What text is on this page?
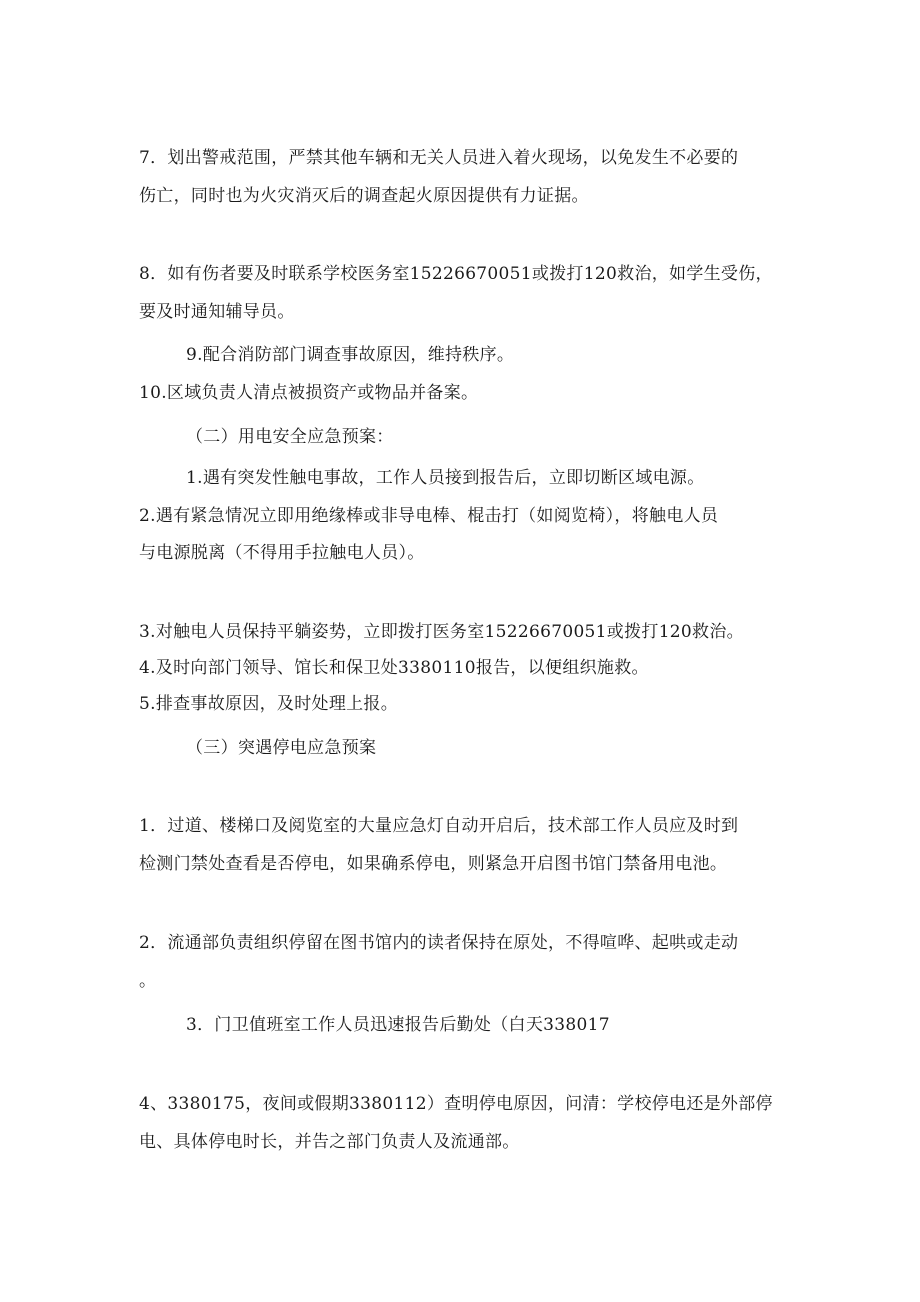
7．划出警戒范围，严禁其他车辆和无关人员进入着火现场，以免发生不必要的
伤亡，同时也为火灾消灭后的调查起火原因提供有力证据。
8．如有伤者要及时联系学校医务室15226670051或拨打120救治，如学生受伤，
要及时通知辅导员。
9.配合消防部门调查事故原因，维持秩序。
10.区域负责人清点被损资产或物品并备案。
（二）用电安全应急预案：
1.遇有突发性触电事故，工作人员接到报告后，立即切断区域电源。
2.遇有紧急情况立即用绝缘棒或非导电棒、棍击打（如阅览椅），将触电人员
与电源脱离（不得用手拉触电人员）。
3.对触电人员保持平躺姿势，立即拨打医务室15226670051或拨打120救治。
4.及时向部门领导、馆长和保卫处3380110报告，以便组织施救。
5.排查事故原因，及时处理上报。
（三）突遇停电应急预案
1．过道、楼梯口及阅览室的大量应急灯自动开启后，技术部工作人员应及时到
检测门禁处查看是否停电，如果确系停电，则紧急开启图书馆门禁备用电池。
2．流通部负责组织停留在图书馆内的读者保持在原处，不得喧哗、起哄或走动
。
3．门卫值班室工作人员迅速报告后勤处（白天338017
4、3380175，夜间或假期3380112）查明停电原因，问清：学校停电还是外部停
电、具体停电时长，并告之部门负责人及流通部。
